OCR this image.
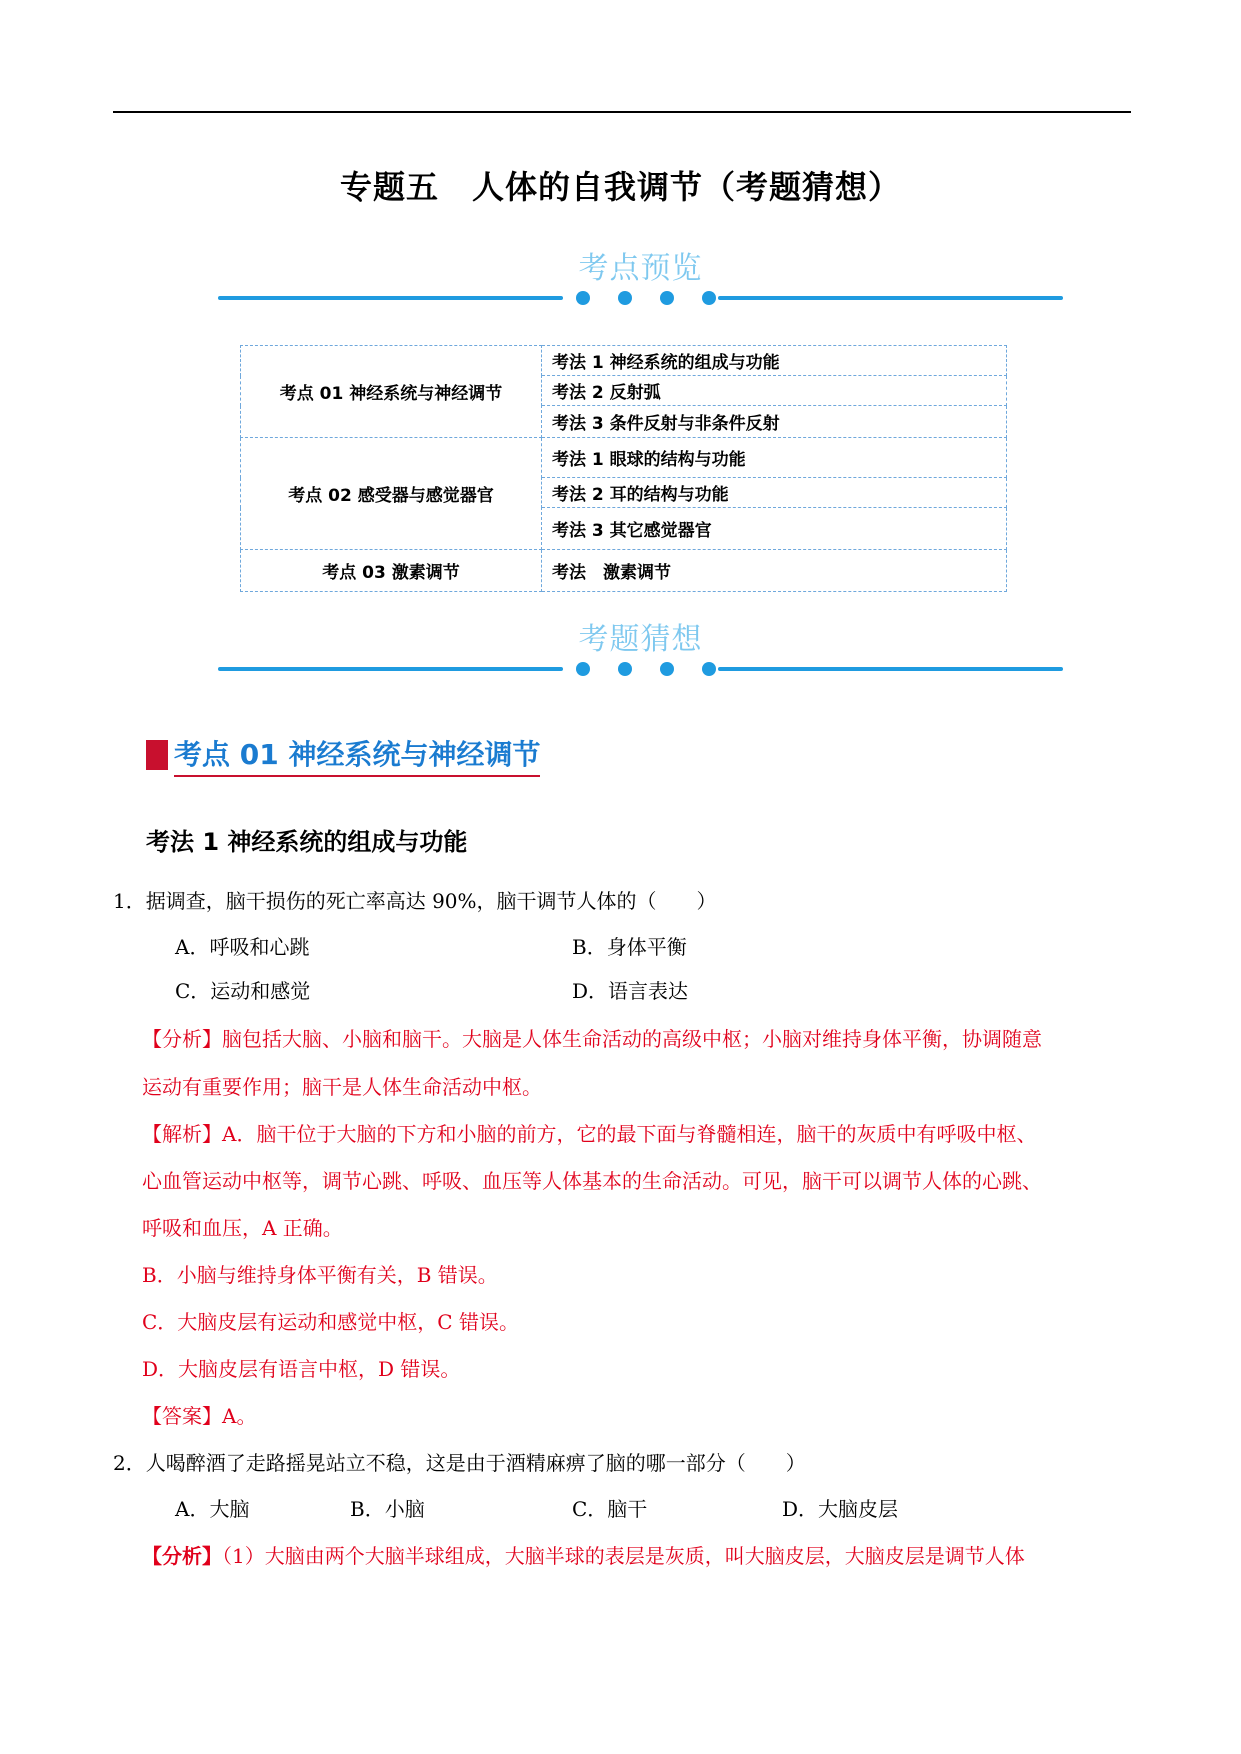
专题五　人体的自我调节（考题猜想）
考点预览
考点 01 神经系统与神经调节	考法 1 神经系统的组成与功能
	考法 2 反射弧
	考法 3 条件反射与非条件反射
考点 02 感受器与感觉器官	考法 1 眼球的结构与功能
	考法 2 耳的结构与功能
	考法 3 其它感觉器官
考点 03 激素调节	考法　激素调节
考题猜想
考点 01 神经系统与神经调节
考法 1 神经系统的组成与功能
1．据调查，脑干损伤的死亡率高达 90%，脑干调节人体的（　　）
A．呼吸和心跳	B．身体平衡
C．运动和感觉	D．语言表达
【分析】脑包括大脑、小脑和脑干。大脑是人体生命活动的高级中枢；小脑对维持身体平衡，协调随意
运动有重要作用；脑干是人体生命活动中枢。
【解析】A．脑干位于大脑的下方和小脑的前方，它的最下面与脊髓相连，脑干的灰质中有呼吸中枢、
心血管运动中枢等，调节心跳、呼吸、血压等人体基本的生命活动。可见，脑干可以调节人体的心跳、
呼吸和血压，A 正确。
B．小脑与维持身体平衡有关，B 错误。
C．大脑皮层有运动和感觉中枢，C 错误。
D．大脑皮层有语言中枢，D 错误。
【答案】A。
2．人喝醉酒了走路摇晃站立不稳，这是由于酒精麻痹了脑的哪一部分（　　）
A．大脑	B．小脑	C．脑干	D．大脑皮层
【分析】（1）大脑由两个大脑半球组成，大脑半球的表层是灰质，叫大脑皮层，大脑皮层是调节人体
